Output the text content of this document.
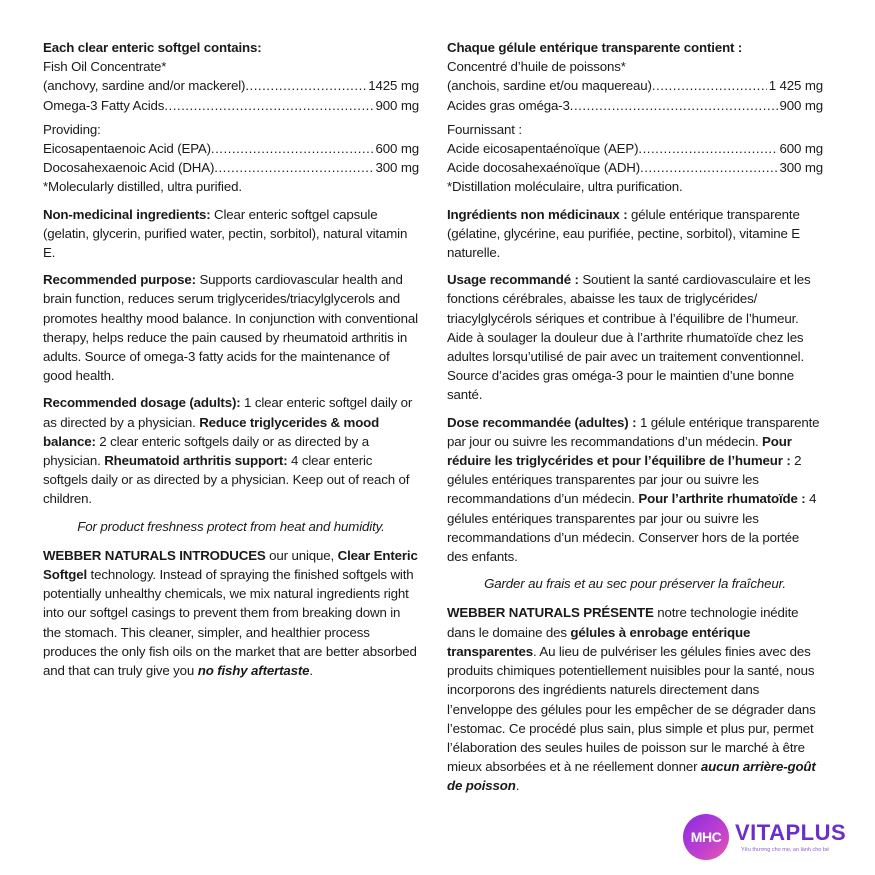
Each clear enteric softgel contains:
Fish Oil Concentrate*
(anchovy, sardine and/or mackerel) .....	1425 mg
Omega-3 Fatty Acids .....	900 mg
Providing:
Eicosapentaenoic Acid (EPA) .....	600 mg
Docosahexaenoic Acid (DHA) .....	300 mg
*Molecularly distilled, ultra purified.
Non-medicinal ingredients: Clear enteric softgel capsule (gelatin, glycerin, purified water, pectin, sorbitol), natural vitamin E.
Recommended purpose: Supports cardiovascular health and brain function, reduces serum triglycerides/triacylglycerols and promotes healthy mood balance. In conjunction with conventional therapy, helps reduce the pain caused by rheumatoid arthritis in adults. Source of omega-3 fatty acids for the maintenance of good health.
Recommended dosage (adults): 1 clear enteric softgel daily or as directed by a physician. Reduce triglycerides & mood balance: 2 clear enteric softgels daily or as directed by a physician. Rheumatoid arthritis support: 4 clear enteric softgels daily or as directed by a physician. Keep out of reach of children.
For product freshness protect from heat and humidity.
WEBBER NATURALS INTRODUCES our unique, Clear Enteric Softgel technology. Instead of spraying the finished softgels with potentially unhealthy chemicals, we mix natural ingredients right into our softgel casings to prevent them from breaking down in the stomach. This cleaner, simpler, and healthier process produces the only fish oils on the market that are better absorbed and that can truly give you no fishy aftertaste.
Chaque gélule entérique transparente contient :
Concentré d’huile de poissons*
(anchois, sardine et/ou maquereau) .....	1 425 mg
Acides gras oméga-3 .....	900 mg
Fournissant :
Acide eicosapentaénoïque (AEP) .....	600 mg
Acide docosahexaénoïque (ADH) .....	300 mg
*Distillation moléculaire, ultra purification.
Ingrédients non médicinaux : gélule entérique transparente (gélatine, glycérine, eau purifiée, pectine, sorbitol), vitamine E naturelle.
Usage recommandé : Soutient la santé cardiovasculaire et les fonctions cérébrales, abaisse les taux de triglycérides/ triacylglycérols sériques et contribue à l’équilibre de l’humeur. Aide à soulager la douleur due à l’arthrite rhumatoïde chez les adultes lorsqu’utilisé de pair avec un traitement conventionnel. Source d’acides gras oméga-3 pour le maintien d’une bonne santé.
Dose recommandée (adultes) : 1 gélule entérique transparente par jour ou suivre les recommandations d’un médecin. Pour réduire les triglycérides et pour l’équilibre de l’humeur : 2 gélules entériques transparentes par jour ou suivre les recommandations d’un médecin. Pour l’arthrite rhumatoïde : 4 gélules entériques transparentes par jour ou suivre les recommandations d’un médecin. Conserver hors de la portée des enfants.
Garder au frais et au sec pour préserver la fraîcheur.
WEBBER NATURALS PRÉSENTE notre technologie inédite dans le domaine des gélules à enrobage entérique transparentes. Au lieu de pulvériser les gélules finies avec des produits chimiques potentiellement nuisibles pour la santé, nous incorporons des ingrédients naturels directement dans l’enveloppe des gélules pour les empêcher de se dégrader dans l’estomac. Ce procédé plus sain, plus simple et plus pur, permet l’élaboration des seules huiles de poisson sur le marché à être mieux absorbées et à ne réellement donner aucun arrière-goût de poisson.
MHC VITAPLUS
Yêu thương cho mẹ, an lành cho bé
